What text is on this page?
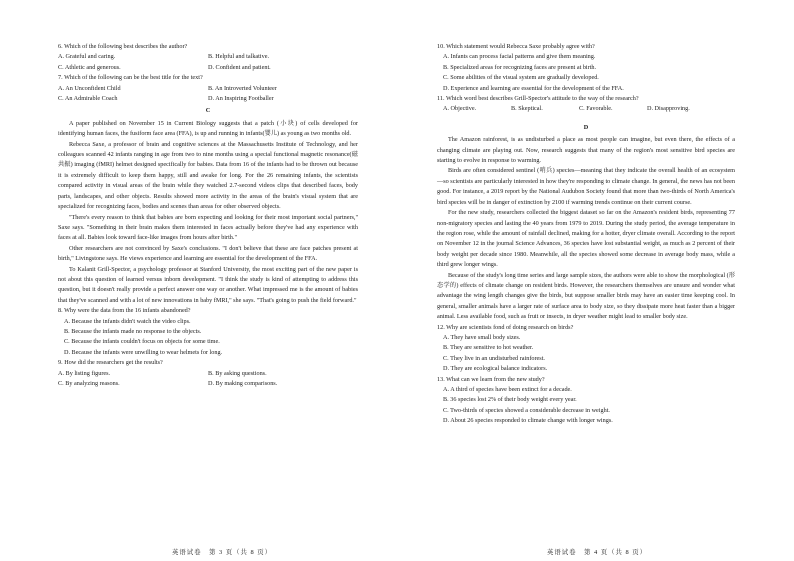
6. Which of the following best describes the author?

A. Grateful and caring.	B. Helpful and talkative.
C. Athletic and generous.	D. Confident and patient.

7. Which of the following can be the best title for the text?

A. An Unconfident Child	B. An Introverted Volunteer
C. An Admirable Coach	D. An Inspiring Footballer

C

A paper published on November 15 in Current Biology suggests that a patch (小块) of cells developed for identifying human faces, the fusiform face area (FFA), is up and running in infants(婴儿) as young as two months old.

Rebecca Saxe, a professor of brain and cognitive sciences at the Massachusetts Institute of Technology, and her colleagues scanned 42 infants ranging in age from two to nine months using a special functional magnetic resonance(磁共振) imaging (fMRI) helmet designed specifically for babies. Data from 16 of the infants had to be thrown out because it is extremely difficult to keep them happy, still and awake for long. For the 26 remaining infants, the scientists compared activity in visual areas of the brain while they watched 2.7-second videos clips that described faces, body parts, landscapes, and other objects. Results showed more activity in the areas of the brain's visual system that are specialized for recognizing faces, bodies and scenes than areas for other observed objects.

"There's every reason to think that babies are born expecting and looking for their most important social partners," Saxe says. "Something in their brain makes them interested in faces actually before they've had any experience with faces at all. Babies look toward face-like images from hours after birth."

Other researchers are not convinced by Saxe's conclusions. "I don't believe that these are face patches present at birth," Livingstone says. He views experience and learning are essential for the development of the FFA.

To Kalanit Grill-Spector, a psychology professor at Stanford University, the most exciting part of the new paper is not about this question of learned versus inborn development. "I think the study is kind of attempting to address this question, but it doesn't really provide a perfect answer one way or another. What impressed me is the amount of babies that they've scanned and with a lot of new innovations in baby fMRI," she says. "That's going to push the field forward."

8. Why were the data from the 16 infants abandoned?

A. Because the infants didn't watch the video clips.

B. Because the infants made no response to the objects.

C. Because the infants couldn't focus on objects for some time.

D. Because the infants were unwilling to wear helmets for long.

9. How did the researchers get the results?

A. By listing figures.	B. By asking questions.
C. By analyzing reasons.	D. By making comparisons.
英语试卷　第 3 页（共 8 页）

10. Which statement would Rebecca Saxe probably agree with?

A. Infants can process facial patterns and give them meaning.

B. Specialized areas for recognizing faces are present at birth.

C. Some abilities of the visual system are gradually developed.

D. Experience and learning are essential for the development of the FFA.

11. Which word best describes Grill-Spector's attitude to the way of the research?

A. Objective.	B. Skeptical.	C. Favorable.	D. Disapproving.

D

The Amazon rainforest, is as undisturbed a place as most people can imagine, but even there, the effects of a changing climate are playing out. Now, research suggests that many of the region's most sensitive bird species are starting to evolve in response to warming.

Birds are often considered sentinel (哨兵) species—meaning that they indicate the overall health of an ecosystem—so scientists are particularly interested in how they're responding to climate change. In general, the news has not been good. For instance, a 2019 report by the National Audubon Society found that more than two-thirds of North America's bird species will be in danger of extinction by 2100 if warming trends continue on their current course.

For the new study, researchers collected the biggest dataset so far on the Amazon's resident birds, representing 77 non-migratory species and lasting the 40 years from 1979 to 2019. During the study period, the average temperature in the region rose, while the amount of rainfall declined, making for a hotter, dryer climate overall. According to the report on November 12 in the journal Science Advances, 36 species have lost substantial weight, as much as 2 percent of their body weight per decade since 1980. Meanwhile, all the species showed some decrease in average body mass, while a third grew longer wings.

Because of the study's long time series and large sample sizes, the authors were able to show the morphological (形态学的) effects of climate change on resident birds. However, the researchers themselves are unsure and wonder what advantage the wing length changes give the birds, but suppose smaller birds may have an easier time keeping cool. In general, smaller animals have a larger rate of surface area to body size, so they dissipate more heat faster than a bigger animal. Less available food, such as fruit or insects, in dryer weather might lead to smaller body size.

12. Why are scientists fond of doing research on birds?

A. They have small body sizes.

B. They are sensitive to hot weather.

C. They live in an undisturbed rainforest.

D. They are ecological balance indicators.

13. What can we learn from the new study?

A. A third of species have been extinct for a decade.

B. 36 species lost 2% of their body weight every year.

C. Two-thirds of species showed a considerable decrease in weight.

D. About 26 species responded to climate change with longer wings.

英语试卷　第 4 页（共 8 页）
